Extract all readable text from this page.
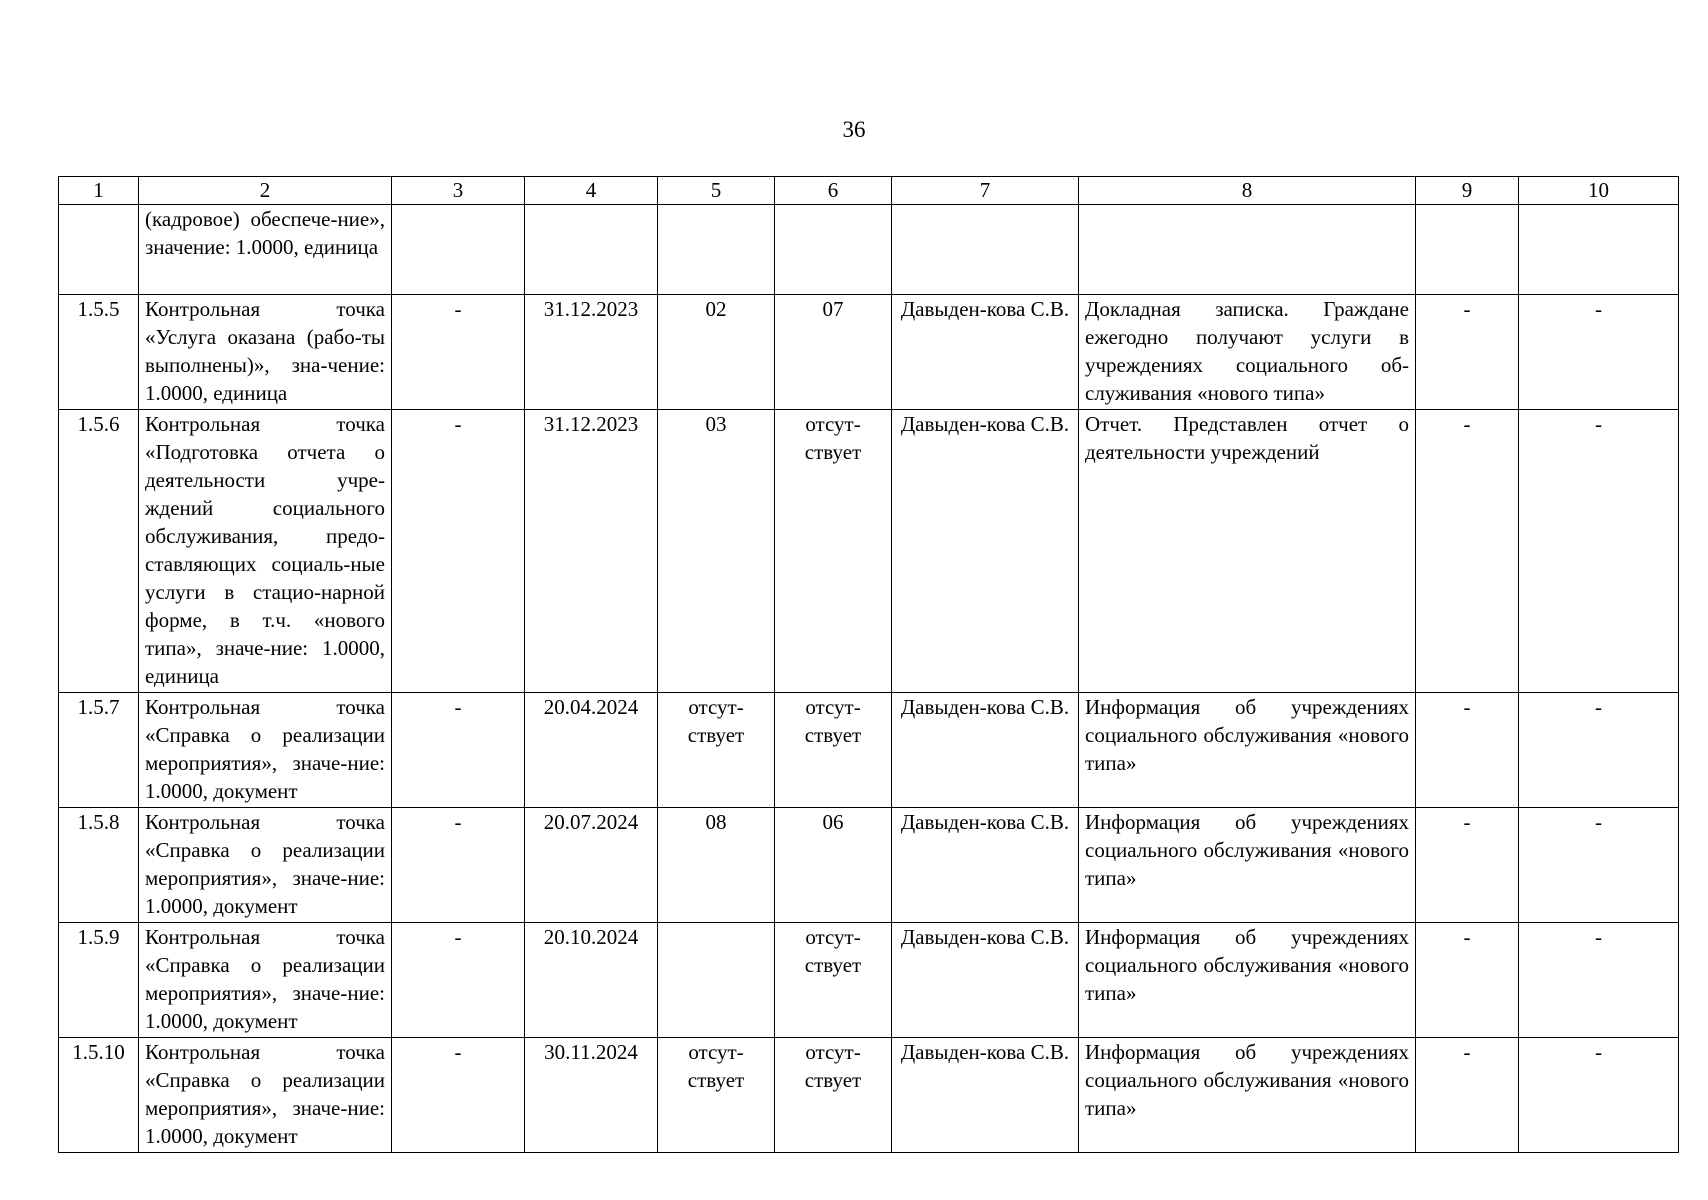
36
1	2	3	4	5	6	7	8	9	10
	(кадровое) обеспече-ние», значение: 1.0000, единица								
1.5.5	Контрольная точка «Услуга оказана (рабо-ты выполнены)», зна-чение: 1.0000, единица	-	31.12.2023	02	07	Давыден-кова С.В.	Докладная записка. Граждане ежегодно получают услуги в учреждениях социального об-служивания «нового типа»	-	-
1.5.6	Контрольная точка «Подготовка отчета о деятельности учре-ждений социального обслуживания, предо-ставляющих социаль-ные услуги в стацио-нарной форме, в т.ч. «нового типа», значе-ние: 1.0000, единица	-	31.12.2023	03	отсут-ствует	Давыден-кова С.В.	Отчет. Представлен отчет о деятельности учреждений	-	-
1.5.7	Контрольная точка «Справка о реализации мероприятия», значе-ние: 1.0000, документ	-	20.04.2024	отсут-ствует	отсут-ствует	Давыден-кова С.В.	Информация об учреждениях социального обслуживания «нового типа»	-	-
1.5.8	Контрольная точка «Справка о реализации мероприятия», значе-ние: 1.0000, документ	-	20.07.2024	08	06	Давыден-кова С.В.	Информация об учреждениях социального обслуживания «нового типа»	-	-
1.5.9	Контрольная точка «Справка о реализации мероприятия», значе-ние: 1.0000, документ	-	20.10.2024		отсут-ствует	Давыден-кова С.В.	Информация об учреждениях социального обслуживания «нового типа»	-	-
1.5.10	Контрольная точка «Справка о реализации мероприятия», значе-ние: 1.0000, документ	-	30.11.2024	отсут-ствует	отсут-ствует	Давыден-кова С.В.	Информация об учреждениях социального обслуживания «нового типа»	-	-
